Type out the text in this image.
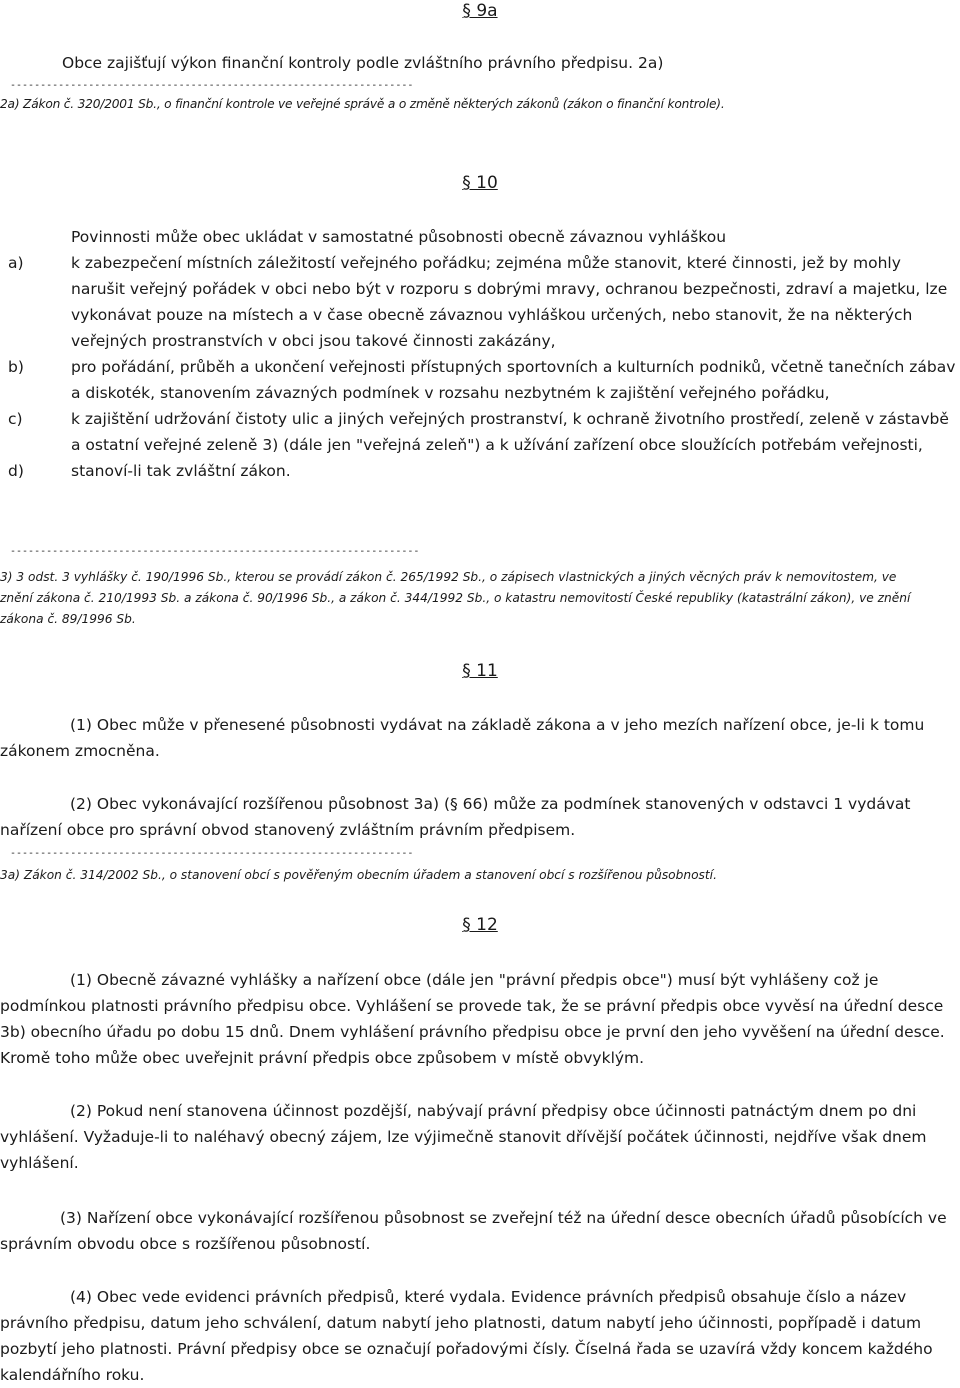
§ 9a

Obce zajišťují výkon finanční kontroly podle zvláštního právního předpisu. 2a)

-------------------------------------------------------------------

2a) Zákon č. 320/2001 Sb., o finanční kontrole ve veřejné správě a o změně některých zákonů (zákon o finanční kontrole).

§ 10

Povinnosti může obec ukládat v samostatné působnosti obecně závaznou vyhláškou

a)	k zabezpečení místních záležitostí veřejného pořádku; zejména může stanovit, které činnosti, jež by mohly narušit veřejný pořádek v obci nebo být v rozporu s dobrými mravy, ochranou bezpečnosti, zdraví a majetku, lze vykonávat pouze na místech a v čase obecně závaznou vyhláškou určených, nebo stanovit, že na některých veřejných prostranstvích v obci jsou takové činnosti zakázány,
b)	pro pořádání, průběh a ukončení veřejnosti přístupných sportovních a kulturních podniků, včetně tanečních zábav a diskoték, stanovením závazných podmínek v rozsahu nezbytném k zajištění veřejného pořádku,
c)	k zajištění udržování čistoty ulic a jiných veřejných prostranství, k ochraně životního prostředí, zeleně v zástavbě a ostatní veřejné zeleně 3) (dále jen "veřejná zeleň") a k užívání zařízení obce sloužících potřebám veřejnosti,
d)	stanoví-li tak zvláštní zákon.
--------------------------------------------------------------------

3) 3 odst. 3 vyhlášky č. 190/1996 Sb., kterou se provádí zákon č. 265/1992 Sb., o zápisech vlastnických a jiných věcných práv k nemovitostem, ve znění zákona č. 210/1993 Sb. a zákona č. 90/1996 Sb., a zákon č. 344/1992 Sb., o katastru nemovitostí České republiky (katastrální zákon), ve znění zákona č. 89/1996 Sb.

§ 11

(1) Obec může v přenesené působnosti vydávat na základě zákona a v jeho mezích nařízení obce, je-li k tomu zákonem zmocněna.

(2) Obec vykonávající rozšířenou působnost 3a) (§ 66) může za podmínek stanovených v odstavci 1 vydávat nařízení obce pro správní obvod stanovený zvláštním právním předpisem.

-------------------------------------------------------------------

3a) Zákon č. 314/2002 Sb., o stanovení obcí s pověřeným obecním úřadem a stanovení obcí s rozšířenou působností.

§ 12

(1) Obecně závazné vyhlášky a nařízení obce (dále jen "právní předpis obce") musí být vyhlášeny což je podmínkou platnosti právního předpisu obce. Vyhlášení se provede tak, že se právní předpis obce vyvěsí na úřední desce 3b) obecního úřadu po dobu 15 dnů. Dnem vyhlášení právního předpisu obce je první den jeho vyvěšení na úřední desce. Kromě toho může obec uveřejnit právní předpis obce způsobem v místě obvyklým.

(2) Pokud není stanovena účinnost pozdější, nabývají právní předpisy obce účinnosti patnáctým dnem po dni vyhlášení. Vyžaduje-li to naléhavý obecný zájem, lze výjimečně stanovit dřívější počátek účinnosti, nejdříve však dnem vyhlášení.

(3) Nařízení obce vykonávající rozšířenou působnost se zveřejní též na úřední desce obecních úřadů působících ve správním obvodu obce s rozšířenou působností.

(4) Obec vede evidenci právních předpisů, které vydala. Evidence právních předpisů obsahuje číslo a název právního předpisu, datum jeho schválení, datum nabytí jeho platnosti, datum nabytí jeho účinnosti, popřípadě i datum pozbytí jeho platnosti. Právní předpisy obce se označují pořadovými čísly. Číselná řada se uzavírá vždy koncem každého kalendářního roku.
